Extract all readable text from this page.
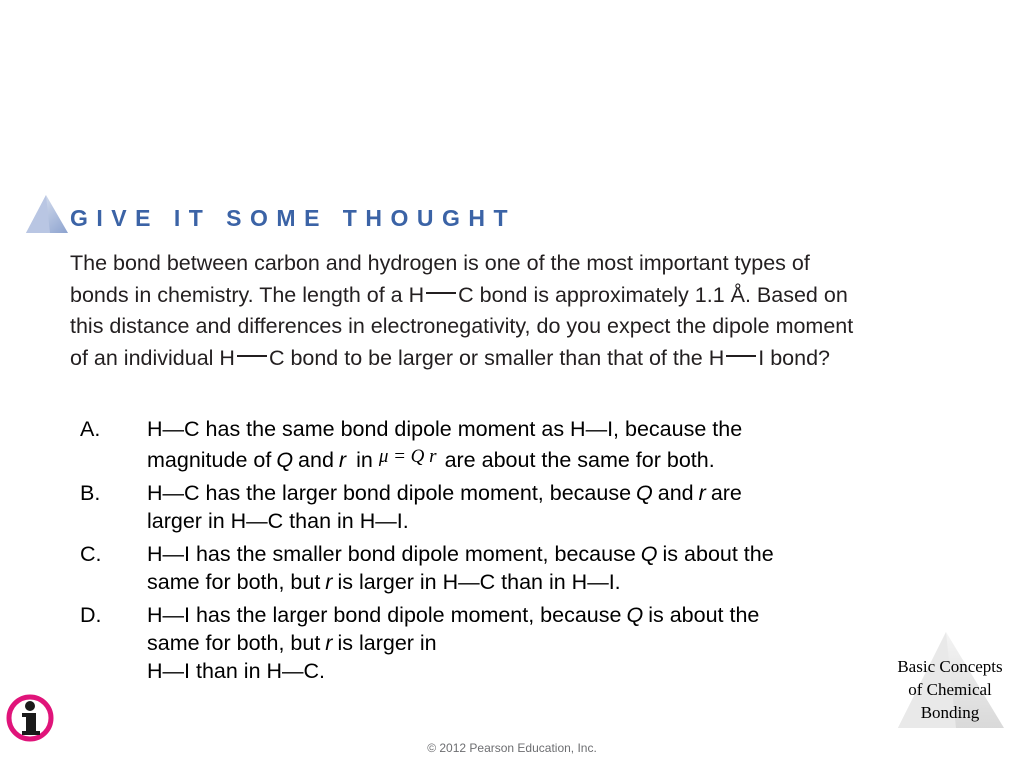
GIVE IT SOME THOUGHT
The bond between carbon and hydrogen is one of the most important types of
bonds in chemistry. The length of a H C bond is approximately 1.1 Å. Based on
this distance and differences in electronegativity, do you expect the dipole moment
of an individual H C bond to be larger or smaller than that of the H I bond?
A. H—C has the same bond dipole moment as H—I, because the
magnitude of Q and r in μ = Q r are about the same for both.
B. H—C has the larger bond dipole moment, because Q and r are
larger in H—C than in H—I.
C. H—I has the smaller bond dipole moment, because Q is about the
same for both, but r is larger in H—C than in H—I.
D. H—I has the larger bond dipole moment, because Q is about the
same for both, but r is larger in
H—I than in H—C.	Basic Concepts
of Chemical
Bonding
© 2012 Pearson Education, Inc.
